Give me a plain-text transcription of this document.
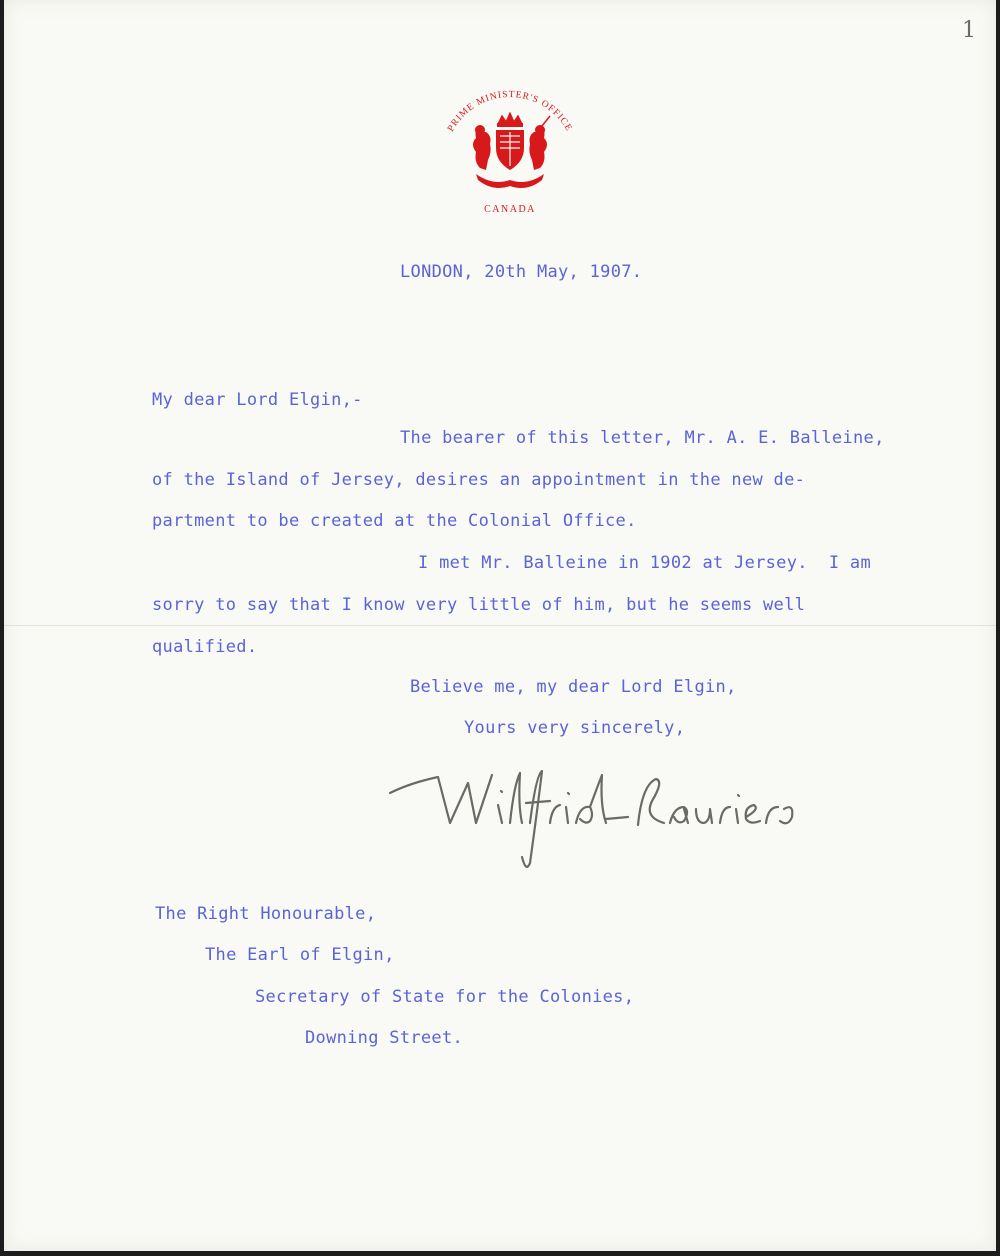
1
PRIME MINISTER'S OFFICE
CANADA

LONDON, 20th May, 1907.

My dear Lord Elgin,-

The bearer of this letter, Mr. A. E. Balleine,

of the Island of Jersey, desires an appointment in the new de-

partment to be created at the Colonial Office.

I met Mr. Balleine in 1902 at Jersey.  I am

sorry to say that I know very little of him, but he seems well

qualified.

Believe me, my dear Lord Elgin,

Yours very sincerely,

The Right Honourable,

The Earl of Elgin,

Secretary of State for the Colonies,

Downing Street.
